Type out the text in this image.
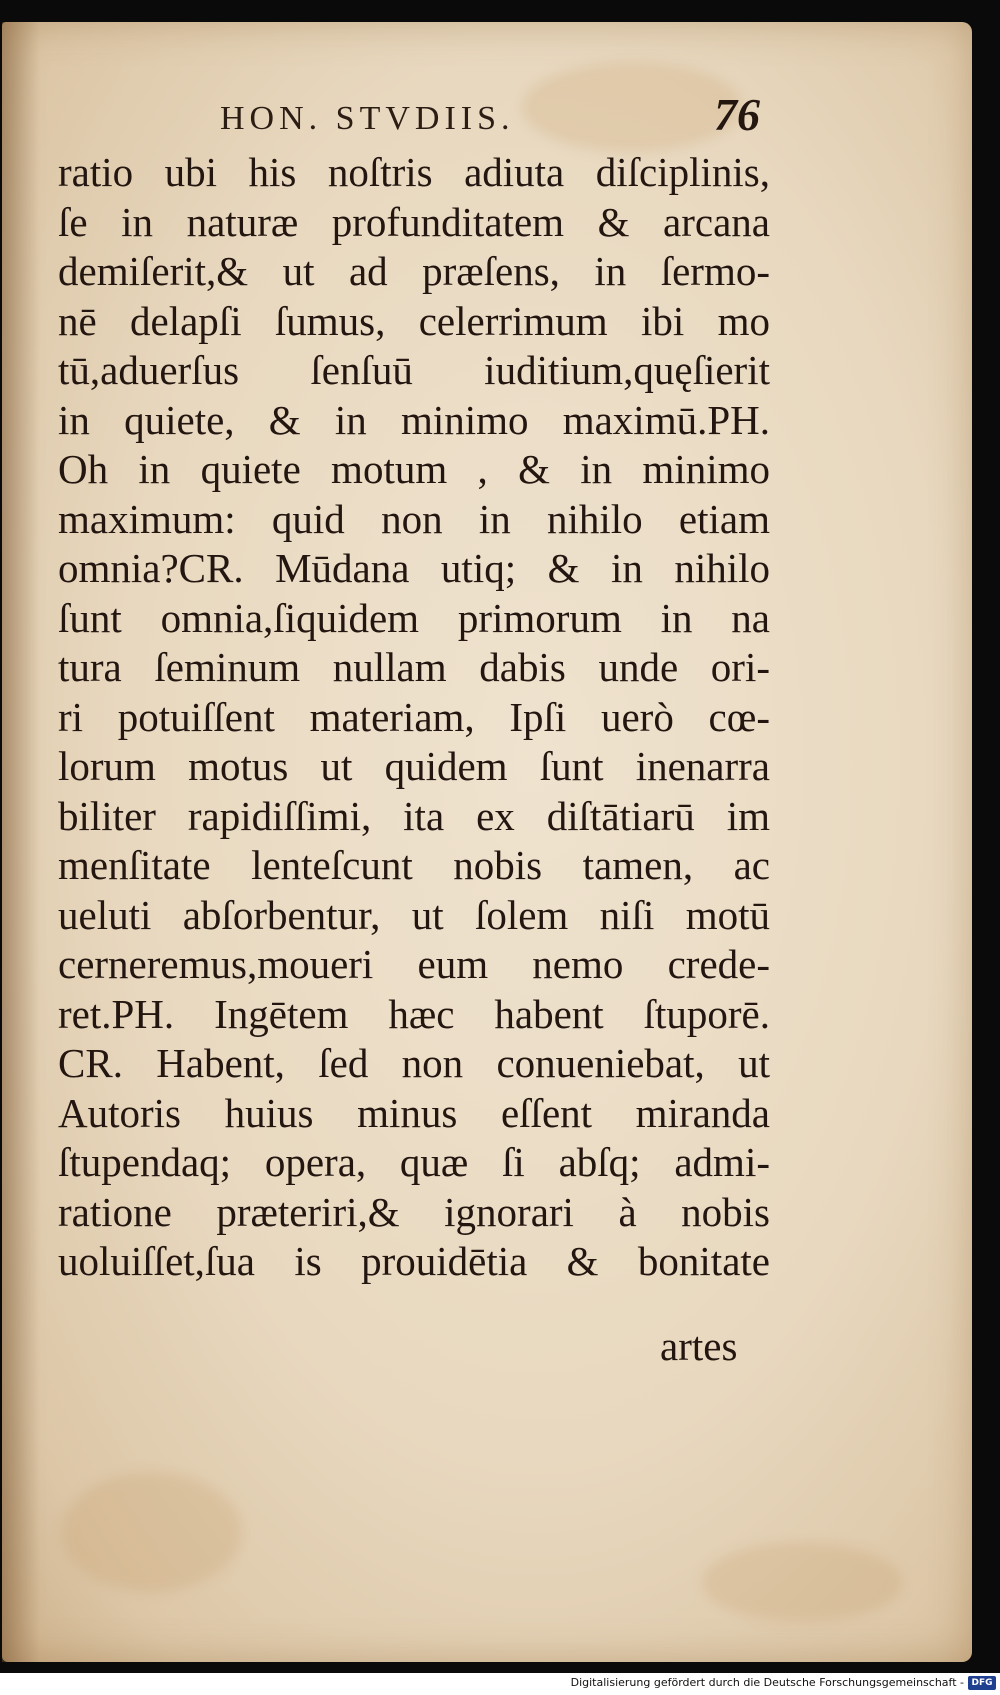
HON. STVDIIS.	76
ratio ubi his noſtris adiuta diſciplinis,
ſe in naturæ profunditatem & arcana
demiſerit,& ut ad præſens, in ſermo-
nē delapſi ſumus, celerrimum ibi mo
tū,aduerſus ſenſuū iuditium,quęſierit
in quiete, & in minimo maximū.PH.
Oh in quiete motum , & in minimo
maximum: quid non in nihilo etiam
omnia?CR. Mūdana utiq; & in nihilo
ſunt omnia,ſiquidem primorum in na
tura ſeminum nullam dabis unde ori-
ri potuiſſent materiam, Ipſi uerò cœ-
lorum motus ut quidem ſunt inenarra
biliter rapidiſſimi, ita ex diſtātiarū im
menſitate lenteſcunt nobis tamen, ac
ueluti abſorbentur, ut ſolem niſi motū
cerneremus,moueri eum nemo crede-
ret.PH. Ingētem hæc habent ſtuporē.
CR. Habent, ſed non conueniebat, ut
Autoris huius minus eſſent miranda
ſtupendaq; opera, quæ ſi abſq; admi-
ratione præteriri,& ignorari à nobis
uoluiſſet,ſua is prouidētia & bonitate
artes
Digitalisierung gefördert durch die Deutsche Forschungsgemeinschaft - DFG
